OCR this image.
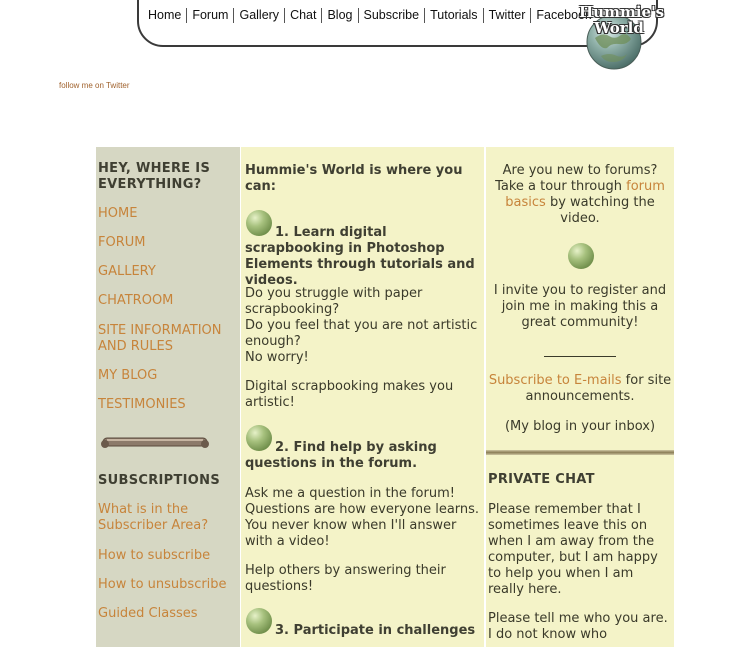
Home Forum Gallery Chat Blog Subscribe Tutorials Twitter Facebook
Hummie's
World
follow me on Twitter
HEY, WHERE IS EVERYTHING?
HOME
FORUM
GALLERY
CHATROOM
SITE INFORMATION AND RULES
MY BLOG
TESTIMONIES
SUBSCRIPTIONS
What is in the Subscriber Area?
How to subscribe
How to unsubscribe
Guided Classes
Hummie's World is where you can:
1. Learn digital scrapbooking in Photoshop Elements through tutorials and videos.
Do you struggle with paper scrapbooking?
Do you feel that you are not artistic enough?
No worry!
Digital scrapbooking makes you artistic!
2. Find help by asking questions in the forum.
Ask me a question in the forum! Questions are how everyone learns. You never know when I'll answer with a video!
Help others by answering their questions!
3. Participate in challenges
Are you new to forums? Take a tour through forum basics by watching the video.
I invite you to register and join me in making this a great community!
Subscribe to E-mails for site announcements.
(My blog in your inbox)
PRIVATE CHAT
Please remember that I sometimes leave this on when I am away from the computer, but I am happy to help you when I am really here.
Please tell me who you are. I do not know who
